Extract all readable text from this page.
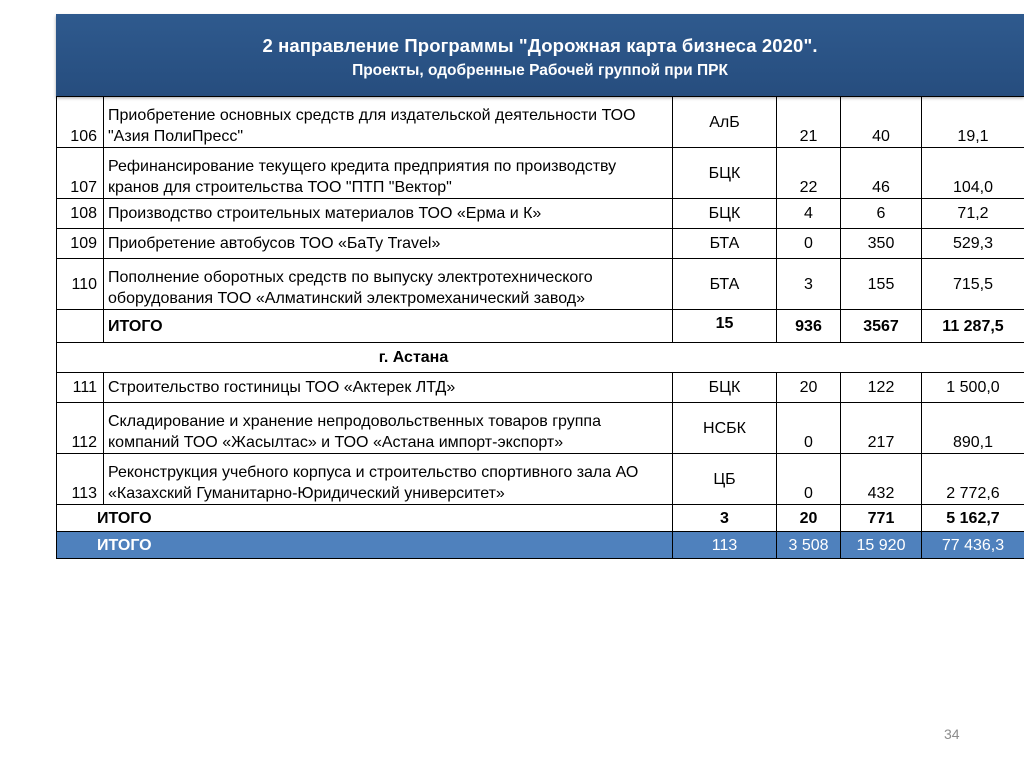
2 направление Программы "Дорожная карта бизнеса 2020".
Проекты, одобренные Рабочей группой при ПРК
106	Приобретение основных средств для издательской деятельности ТОО "Азия ПолиПресс"	АлБ	21	40	19,1
107	Рефинансирование текущего кредита предприятия по производству кранов для строительства ТОО "ПТП "Вектор"	БЦК	22	46	104,0
108	Производство строительных материалов ТОО «Ерма и К»	БЦК	4	6	71,2
109	Приобретение автобусов ТОО «БаТу Travel»	БТА	0	350	529,3
110	Пополнение оборотных средств по выпуску электротехнического оборудования ТОО «Алматинский электромеханический завод»	БТА	3	155	715,5
	ИТОГО	15	936	3567	11 287,5
г. Астана					
111	Строительство гостиницы ТОО «Актерек ЛТД»	БЦК	20	122	1 500,0
112	Складирование и хранение непродовольственных товаров группа компаний ТОО «Жасылтас» и ТОО «Астана импорт-экспорт»	НСБК	0	217	890,1
113	Реконструкция учебного корпуса и строительство спортивного зала АО «Казахский Гуманитарно-Юридический университет»	ЦБ	0	432	2 772,6
ИТОГО		3	20	771	5 162,7
ИТОГО		113	3 508	15 920	77 436,3
34
